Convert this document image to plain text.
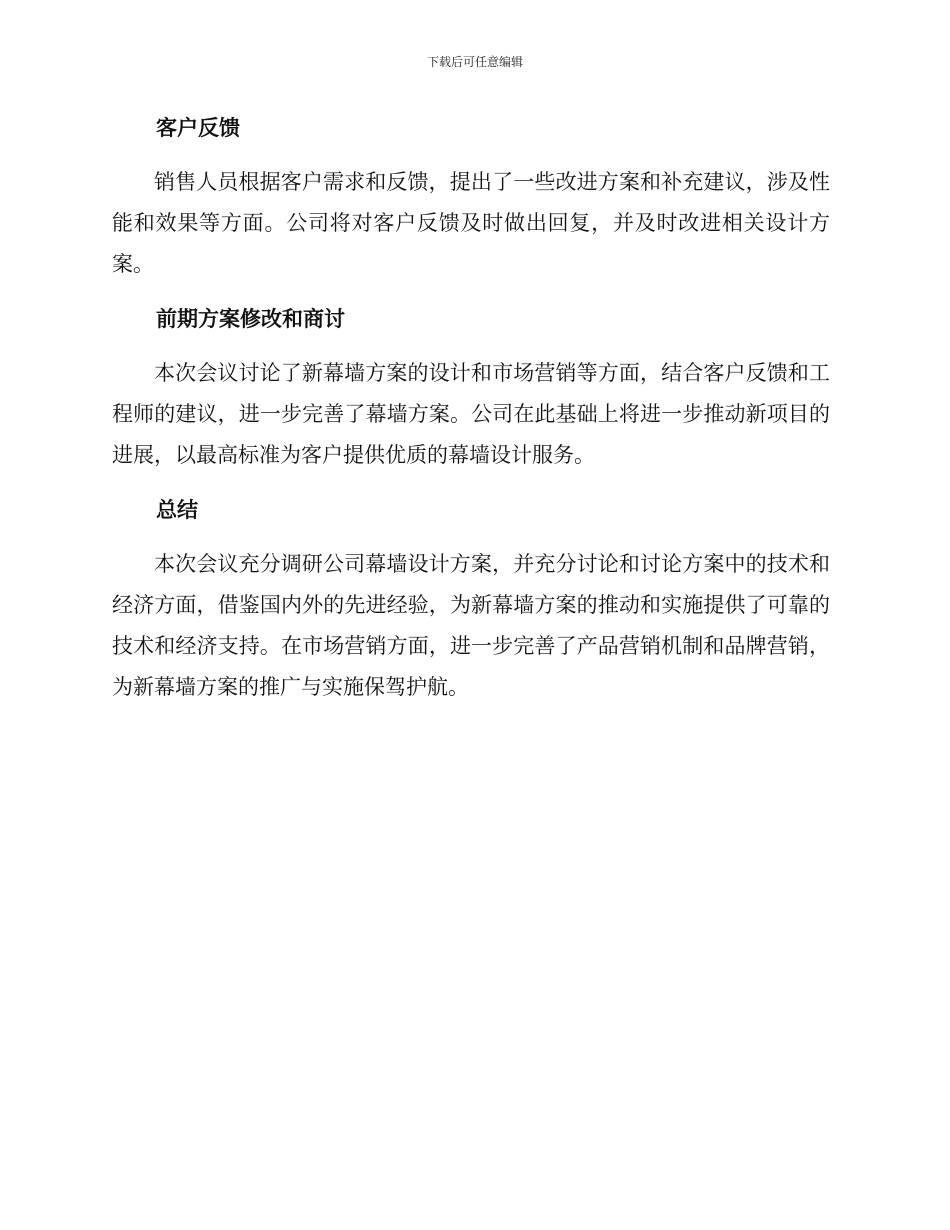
下载后可任意编辑
客户反馈

销售人员根据客户需求和反馈，提出了一些改进方案和补充建议，涉及性能和效果等方面。公司将对客户反馈及时做出回复，并及时改进相关设计方案。

前期方案修改和商讨

本次会议讨论了新幕墙方案的设计和市场营销等方面，结合客户反馈和工程师的建议，进一步完善了幕墙方案。公司在此基础上将进一步推动新项目的进展，以最高标准为客户提供优质的幕墙设计服务。

总结

本次会议充分调研公司幕墙设计方案，并充分讨论和讨论方案中的技术和经济方面，借鉴国内外的先进经验，为新幕墙方案的推动和实施提供了可靠的技术和经济支持。在市场营销方面，进一步完善了产品营销机制和品牌营销，为新幕墙方案的推广与实施保驾护航。
